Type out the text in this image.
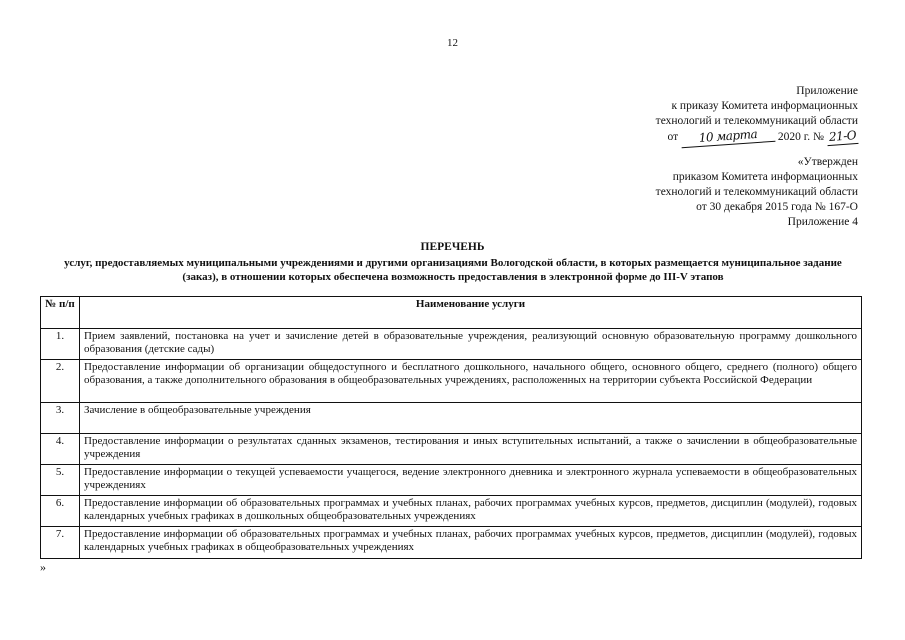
12
Приложение
к приказу Комитета информационных
технологий и телекоммуникаций области
от 10 марта 2020 г. № 21-О
«Утвержден
приказом Комитета информационных
технологий и телекоммуникаций области
от 30 декабря 2015 года № 167-О
Приложение 4
ПЕРЕЧЕНЬ
услуг, предоставляемых муниципальными учреждениями и другими организациями Вологодской области, в которых размещается муниципальное задание (заказ), в отношении которых обеспечена возможность предоставления в электронной форме до III-V этапов
№ п/п	Наименование услуги
1.	Прием заявлений, постановка на учет и зачисление детей в образовательные учреждения, реализующий основную образовательную программу дошкольного образования (детские сады)
2.	Предоставление информации об организации общедоступного и бесплатного дошкольного, начального общего, основного общего, среднего (полного) общего образования, а также дополнительного образования в общеобразовательных учреждениях, расположенных на территории субъекта Российской Федерации
3.	Зачисление в общеобразовательные учреждения
4.	Предоставление информации о результатах сданных экзаменов, тестирования и иных вступительных испытаний, а также о зачислении в общеобразовательные учреждения
5.	Предоставление информации о текущей успеваемости учащегося, ведение электронного дневника и электронного журнала успеваемости в общеобразовательных учреждениях
6.	Предоставление информации об образовательных программах и учебных планах, рабочих программах учебных курсов, предметов, дисциплин (модулей), годовых календарных учебных графиках в дошкольных общеобразовательных учреждениях
7.	Предоставление информации об образовательных программах и учебных планах, рабочих программах учебных курсов, предметов, дисциплин (модулей), годовых календарных учебных графиках в общеобразовательных учреждениях
»
